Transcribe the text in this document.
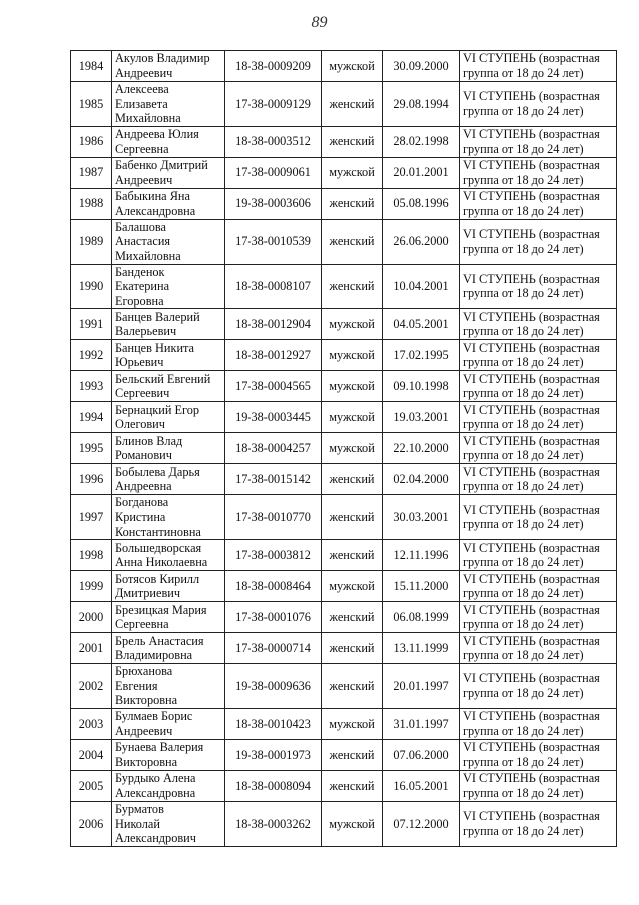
89
1984	Акулов Владимир
Андреевич	18-38-0009209	мужской	30.09.2000	VI СТУПЕНЬ (возрастная
группа от 18 до 24 лет)
1985	Алексеева
Елизавета
Михайловна	17-38-0009129	женский	29.08.1994	VI СТУПЕНЬ (возрастная
группа от 18 до 24 лет)
1986	Андреева Юлия
Сергеевна	18-38-0003512	женский	28.02.1998	VI СТУПЕНЬ (возрастная
группа от 18 до 24 лет)
1987	Бабенко Дмитрий
Андреевич	17-38-0009061	мужской	20.01.2001	VI СТУПЕНЬ (возрастная
группа от 18 до 24 лет)
1988	Бабыкина Яна
Александровна	19-38-0003606	женский	05.08.1996	VI СТУПЕНЬ (возрастная
группа от 18 до 24 лет)
1989	Балашова
Анастасия
Михайловна	17-38-0010539	женский	26.06.2000	VI СТУПЕНЬ (возрастная
группа от 18 до 24 лет)
1990	Банденок
Екатерина
Егоровна	18-38-0008107	женский	10.04.2001	VI СТУПЕНЬ (возрастная
группа от 18 до 24 лет)
1991	Банцев Валерий
Валерьевич	18-38-0012904	мужской	04.05.2001	VI СТУПЕНЬ (возрастная
группа от 18 до 24 лет)
1992	Банцев Никита
Юрьевич	18-38-0012927	мужской	17.02.1995	VI СТУПЕНЬ (возрастная
группа от 18 до 24 лет)
1993	Бельский Евгений
Сергеевич	17-38-0004565	мужской	09.10.1998	VI СТУПЕНЬ (возрастная
группа от 18 до 24 лет)
1994	Бернацкий Егор
Олегович	19-38-0003445	мужской	19.03.2001	VI СТУПЕНЬ (возрастная
группа от 18 до 24 лет)
1995	Блинов Влад
Романович	18-38-0004257	мужской	22.10.2000	VI СТУПЕНЬ (возрастная
группа от 18 до 24 лет)
1996	Бобылева Дарья
Андреевна	17-38-0015142	женский	02.04.2000	VI СТУПЕНЬ (возрастная
группа от 18 до 24 лет)
1997	Богданова
Кристина
Константиновна	17-38-0010770	женский	30.03.2001	VI СТУПЕНЬ (возрастная
группа от 18 до 24 лет)
1998	Большедворская
Анна Николаевна	17-38-0003812	женский	12.11.1996	VI СТУПЕНЬ (возрастная
группа от 18 до 24 лет)
1999	Ботясов Кирилл
Дмитриевич	18-38-0008464	мужской	15.11.2000	VI СТУПЕНЬ (возрастная
группа от 18 до 24 лет)
2000	Брезицкая Мария
Сергеевна	17-38-0001076	женский	06.08.1999	VI СТУПЕНЬ (возрастная
группа от 18 до 24 лет)
2001	Брель Анастасия
Владимировна	17-38-0000714	женский	13.11.1999	VI СТУПЕНЬ (возрастная
группа от 18 до 24 лет)
2002	Брюханова
Евгения
Викторовна	19-38-0009636	женский	20.01.1997	VI СТУПЕНЬ (возрастная
группа от 18 до 24 лет)
2003	Булмаев Борис
Андреевич	18-38-0010423	мужской	31.01.1997	VI СТУПЕНЬ (возрастная
группа от 18 до 24 лет)
2004	Бунаева Валерия
Викторовна	19-38-0001973	женский	07.06.2000	VI СТУПЕНЬ (возрастная
группа от 18 до 24 лет)
2005	Бурдыко Алена
Александровна	18-38-0008094	женский	16.05.2001	VI СТУПЕНЬ (возрастная
группа от 18 до 24 лет)
2006	Бурматов
Николай
Александрович	18-38-0003262	мужской	07.12.2000	VI СТУПЕНЬ (возрастная
группа от 18 до 24 лет)
